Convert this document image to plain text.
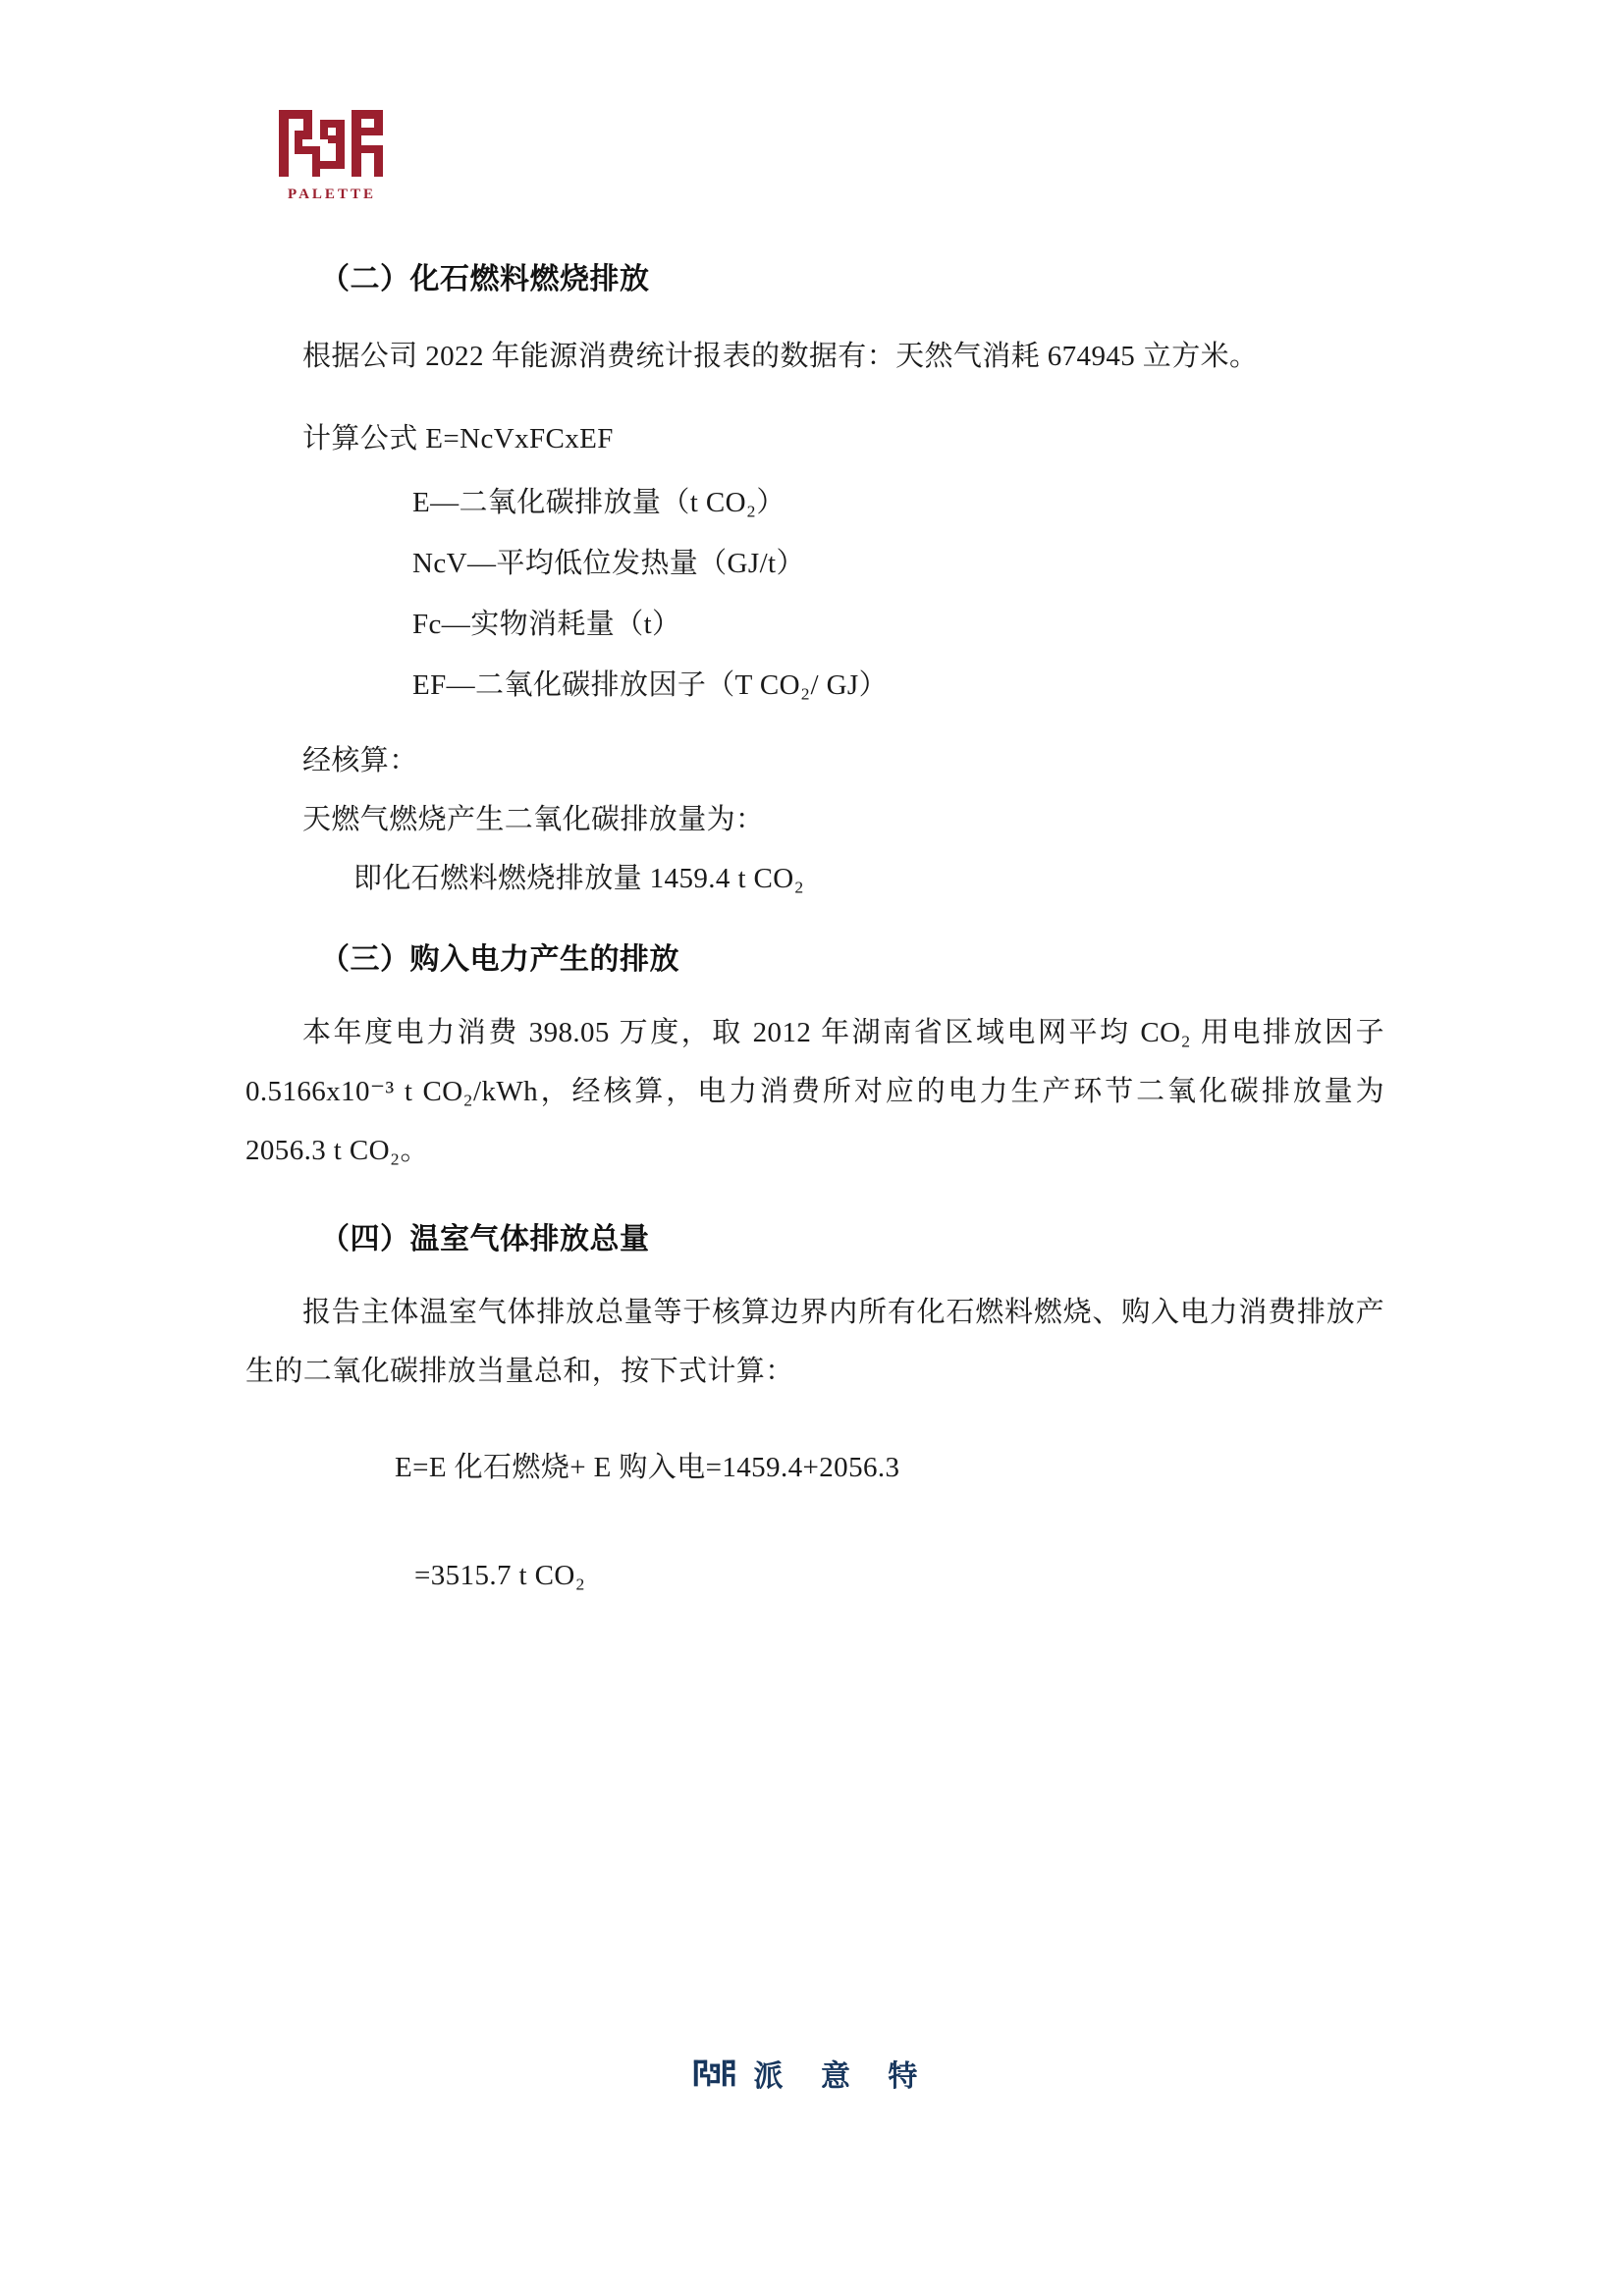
PALETTE
（二）化石燃料燃烧排放

根据公司 2022 年能源消费统计报表的数据有：天然气消耗 674945 立方米。

计算公式 E=NcVxFCxEF

E—二氧化碳排放量（t CO₂）

NcV—平均低位发热量（GJ/t）

Fc—实物消耗量（t）

EF—二氧化碳排放因子（T CO₂/ GJ）

经核算：

天燃气燃烧产生二氧化碳排放量为：

即化石燃料燃烧排放量 1459.4 t CO₂

（三）购入电力产生的排放

本年度电力消费 398.05 万度，取 2012 年湖南省区域电网平均 CO₂ 用电排放因子 0.5166x10⁻³ t CO₂/kWh，经核算，电力消费所对应的电力生产环节二氧化碳排放量为 2056.3 t CO₂。

（四）温室气体排放总量

报告主体温室气体排放总量等于核算边界内所有化石燃料燃烧、购入电力消费排放产生的二氧化碳排放当量总和，按下式计算：

E=E 化石燃烧+ E 购入电=1459.4+2056.3

=3515.7 t CO₂

派 意 特
